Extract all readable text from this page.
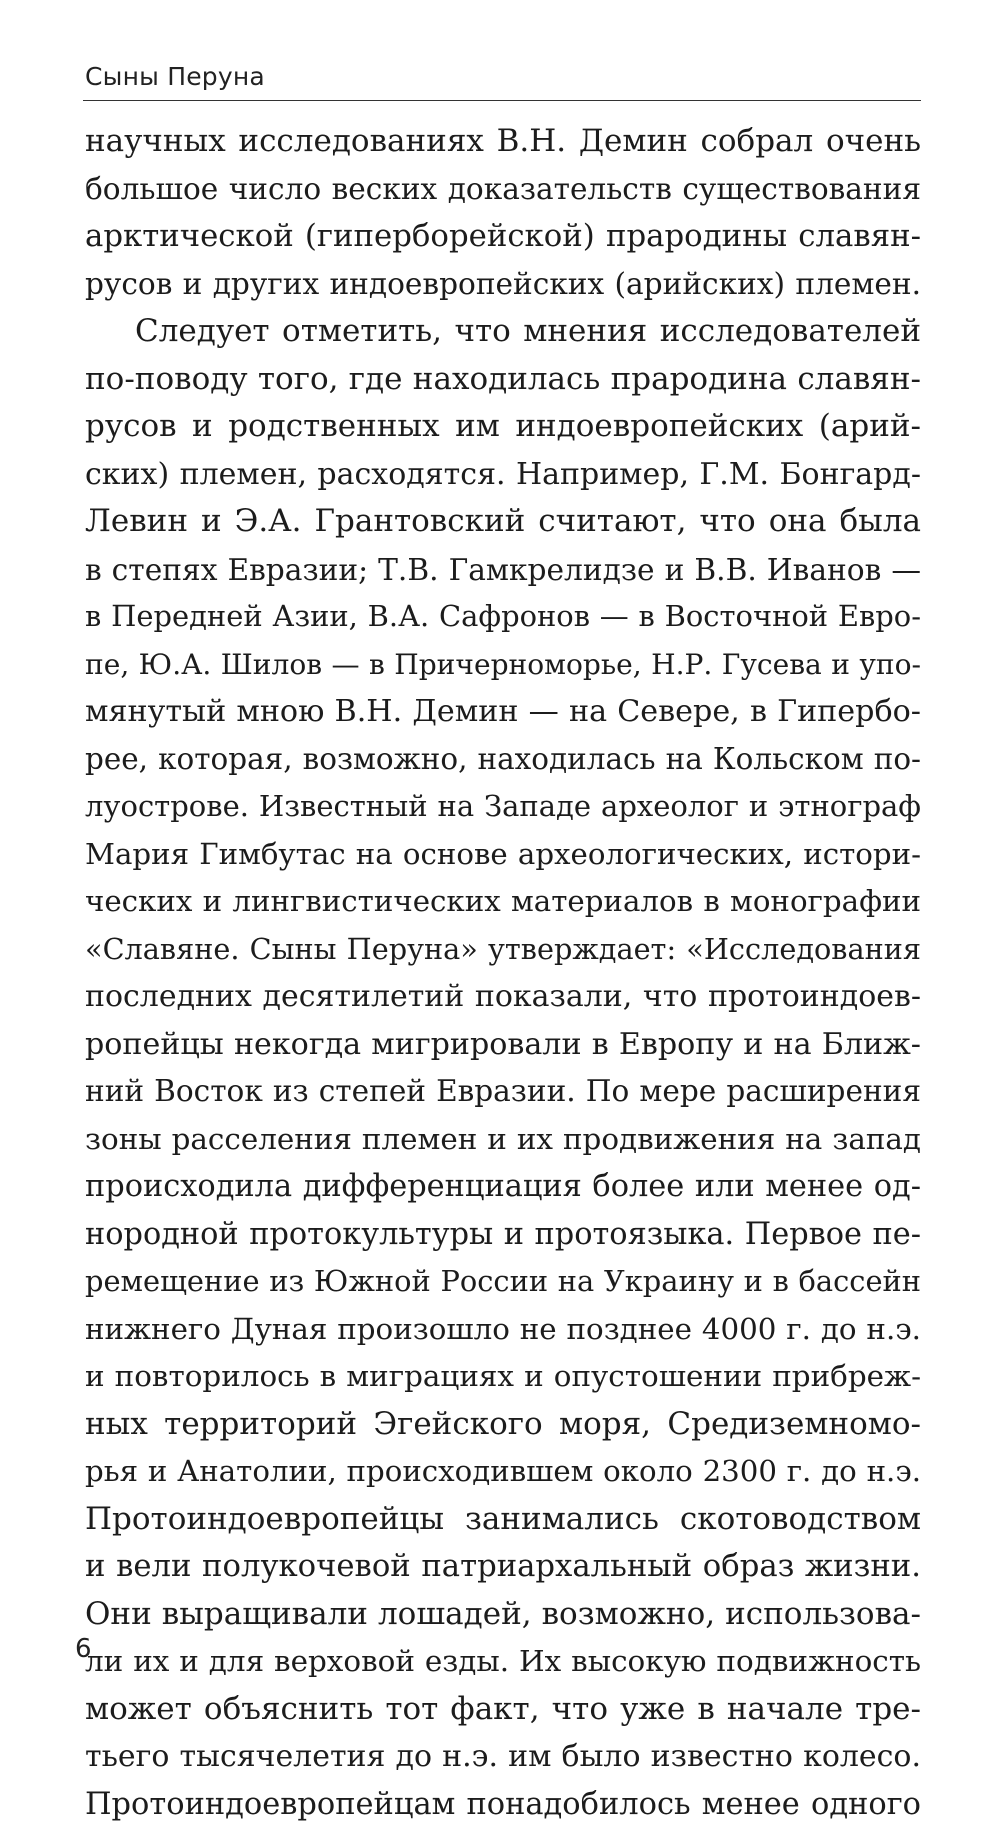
Сыны Перуна
научных исследованиях В.Н. Демин собрал очень
большое число веских доказательств существования
арктической (гиперборейской) прародины славян-
русов и других индоевропейских (арийских) племен.
Следует отметить, что мнения исследователей
по-поводу того, где находилась прародина славян-
русов и родственных им индоевропейских (арий-
ских) племен, расходятся. Например, Г.М. Бонгард-
Левин и Э.А. Грантовский считают, что она была
в степях Евразии; Т.В. Гамкрелидзе и В.В. Иванов —
в Передней Азии, В.А. Сафронов — в Восточной Евро-
пе, Ю.А. Шилов — в Причерноморье, Н.Р. Гусева и упо-
мянутый мною В.Н. Демин — на Севере, в Гипербо-
рее, которая, возможно, находилась на Кольском по-
луострове. Известный на Западе археолог и этнограф
Мария Гимбутас на основе археологических, истори-
ческих и лингвистических материалов в монографии
«Славяне. Сыны Перуна» утверждает: «Исследования
последних десятилетий показали, что протоиндоев-
ропейцы некогда мигрировали в Европу и на Ближ-
ний Восток из степей Евразии. По мере расширения
зоны расселения племен и их продвижения на запад
происходила дифференциация более или менее од-
нородной протокультуры и протоязыка. Первое пе-
ремещение из Южной России на Украину и в бассейн
нижнего Дуная произошло не позднее 4000 г. до н.э.
и повторилось в миграциях и опустошении прибреж-
ных территорий Эгейского моря, Средиземномо-
рья и Анатолии, происходившем около 2300 г. до н.э.
Протоиндоевропейцы занимались скотоводством
и вели полукочевой патриархальный образ жизни.
Они выращивали лошадей, возможно, использова-
ли их и для верховой езды. Их высокую подвижность
может объяснить тот факт, что уже в начале тре-
тьего тысячелетия до н.э. им было известно колесо.
Протоиндоевропейцам понадобилось менее одного
6
